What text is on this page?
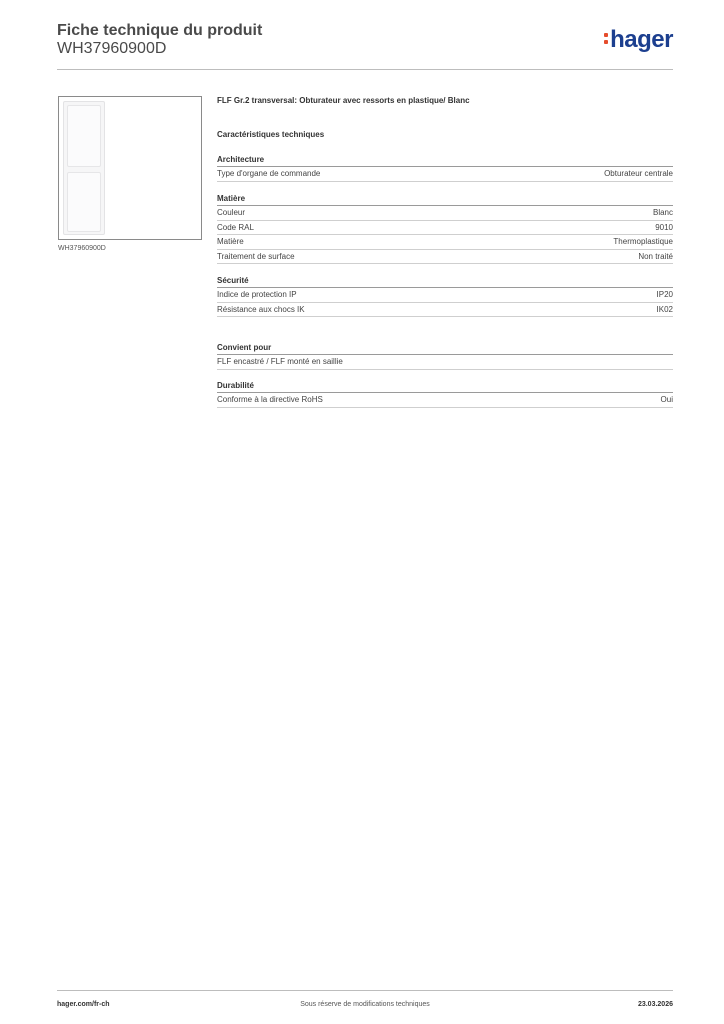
Fiche technique du produit
WH37960900D	hager
WH37960900D
FLF Gr.2 transversal: Obturateur avec ressorts en plastique/ Blanc
Caractéristiques techniques
Architecture
Type d'organe de commande	Obturateur centrale
Matière
Couleur	Blanc
Code RAL	9010
Matière	Thermoplastique
Traitement de surface	Non traité
Sécurité
Indice de protection IP	IP20
Résistance aux chocs IK	IK02
Convient pour
FLF encastré / FLF monté en saillie
Durabilité
Conforme à la directive RoHS	Oui
hager.com/fr-ch	Sous réserve de modifications techniques	23.03.2026
